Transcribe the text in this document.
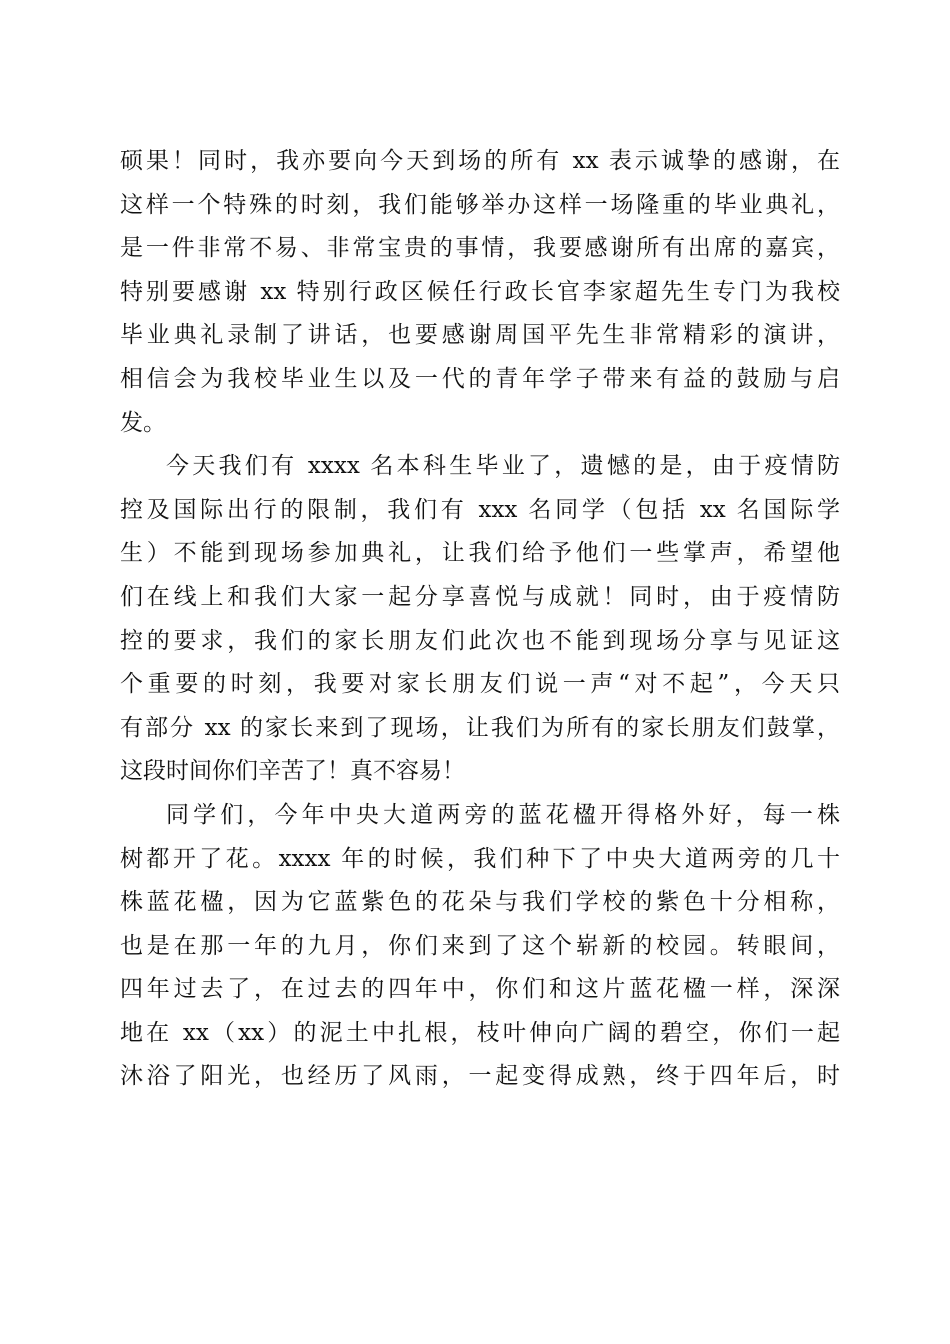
硕果！同时，我亦要向今天到场的所有 xx 表示诚挚的感谢，在
这样一个特殊的时刻，我们能够举办这样一场隆重的毕业典礼，
是一件非常不易、非常宝贵的事情，我要感谢所有出席的嘉宾，
特别要感谢 xx 特别行政区候任行政长官李家超先生专门为我校
毕业典礼录制了讲话，也要感谢周国平先生非常精彩的演讲，
相信会为我校毕业生以及一代的青年学子带来有益的鼓励与启
发。
今天我们有 xxxx 名本科生毕业了，遗憾的是，由于疫情防
控及国际出行的限制，我们有 xxx 名同学（包括 xx 名国际学
生）不能到现场参加典礼，让我们给予他们一些掌声，希望他
们在线上和我们大家一起分享喜悦与成就！同时，由于疫情防
控的要求，我们的家长朋友们此次也不能到现场分享与见证这
个重要的时刻，我要对家长朋友们说一声“对不起”，今天只
有部分 xx 的家长来到了现场，让我们为所有的家长朋友们鼓掌，
这段时间你们辛苦了！真不容易！
同学们，今年中央大道两旁的蓝花楹开得格外好，每一株
树都开了花。xxxx 年的时候，我们种下了中央大道两旁的几十
株蓝花楹，因为它蓝紫色的花朵与我们学校的紫色十分相称，
也是在那一年的九月，你们来到了这个崭新的校园。转眼间，
四年过去了，在过去的四年中，你们和这片蓝花楹一样，深深
地在 xx（xx）的泥土中扎根，枝叶伸向广阔的碧空，你们一起
沐浴了阳光，也经历了风雨，一起变得成熟，终于四年后，时
